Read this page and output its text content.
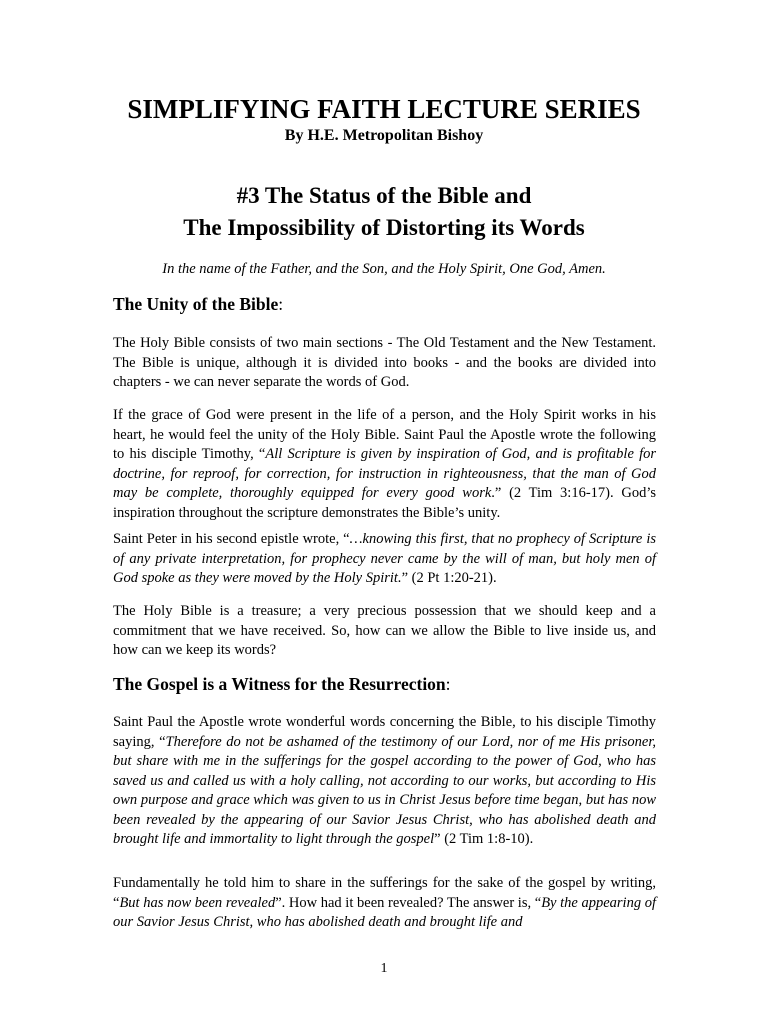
SIMPLIFYING FAITH LECTURE SERIES

By H.E. Metropolitan Bishoy

#3 The Status of the Bible and
The Impossibility of Distorting its Words

In the name of the Father, and the Son, and the Holy Spirit, One God, Amen.

The Unity of the Bible:

The Holy Bible consists of two main sections - The Old Testament and the New Testament. The Bible is unique, although it is divided into books - and the books are divided into chapters - we can never separate the words of God.

If the grace of God were present in the life of a person, and the Holy Spirit works in his heart, he would feel the unity of the Holy Bible. Saint Paul the Apostle wrote the following to his disciple Timothy, “All Scripture is given by inspiration of God, and is profitable for doctrine, for reproof, for correction, for instruction in righteousness, that the man of God may be complete, thoroughly equipped for every good work.” (2 Tim 3:16-17). God’s inspiration throughout the scripture demonstrates the Bible’s unity.

Saint Peter in his second epistle wrote, “…knowing this first, that no prophecy of Scripture is of any private interpretation, for prophecy never came by the will of man, but holy men of God spoke as they were moved by the Holy Spirit.” (2 Pt 1:20-21).

The Holy Bible is a treasure; a very precious possession that we should keep and a commitment that we have received. So, how can we allow the Bible to live inside us, and how can we keep its words?

The Gospel is a Witness for the Resurrection:

Saint Paul the Apostle wrote wonderful words concerning the Bible, to his disciple Timothy saying, “Therefore do not be ashamed of the testimony of our Lord, nor of me His prisoner, but share with me in the sufferings for the gospel according to the power of God, who has saved us and called us with a holy calling, not according to our works, but according to His own purpose and grace which was given to us in Christ Jesus before time began, but has now been revealed by the appearing of our Savior Jesus Christ, who has abolished death and brought life and immortality to light through the gospel” (2 Tim 1:8-10).

Fundamentally he told him to share in the sufferings for the sake of the gospel by writing, “But has now been revealed”. How had it been revealed? The answer is, “By the appearing of our Savior Jesus Christ, who has abolished death and brought life and

1
